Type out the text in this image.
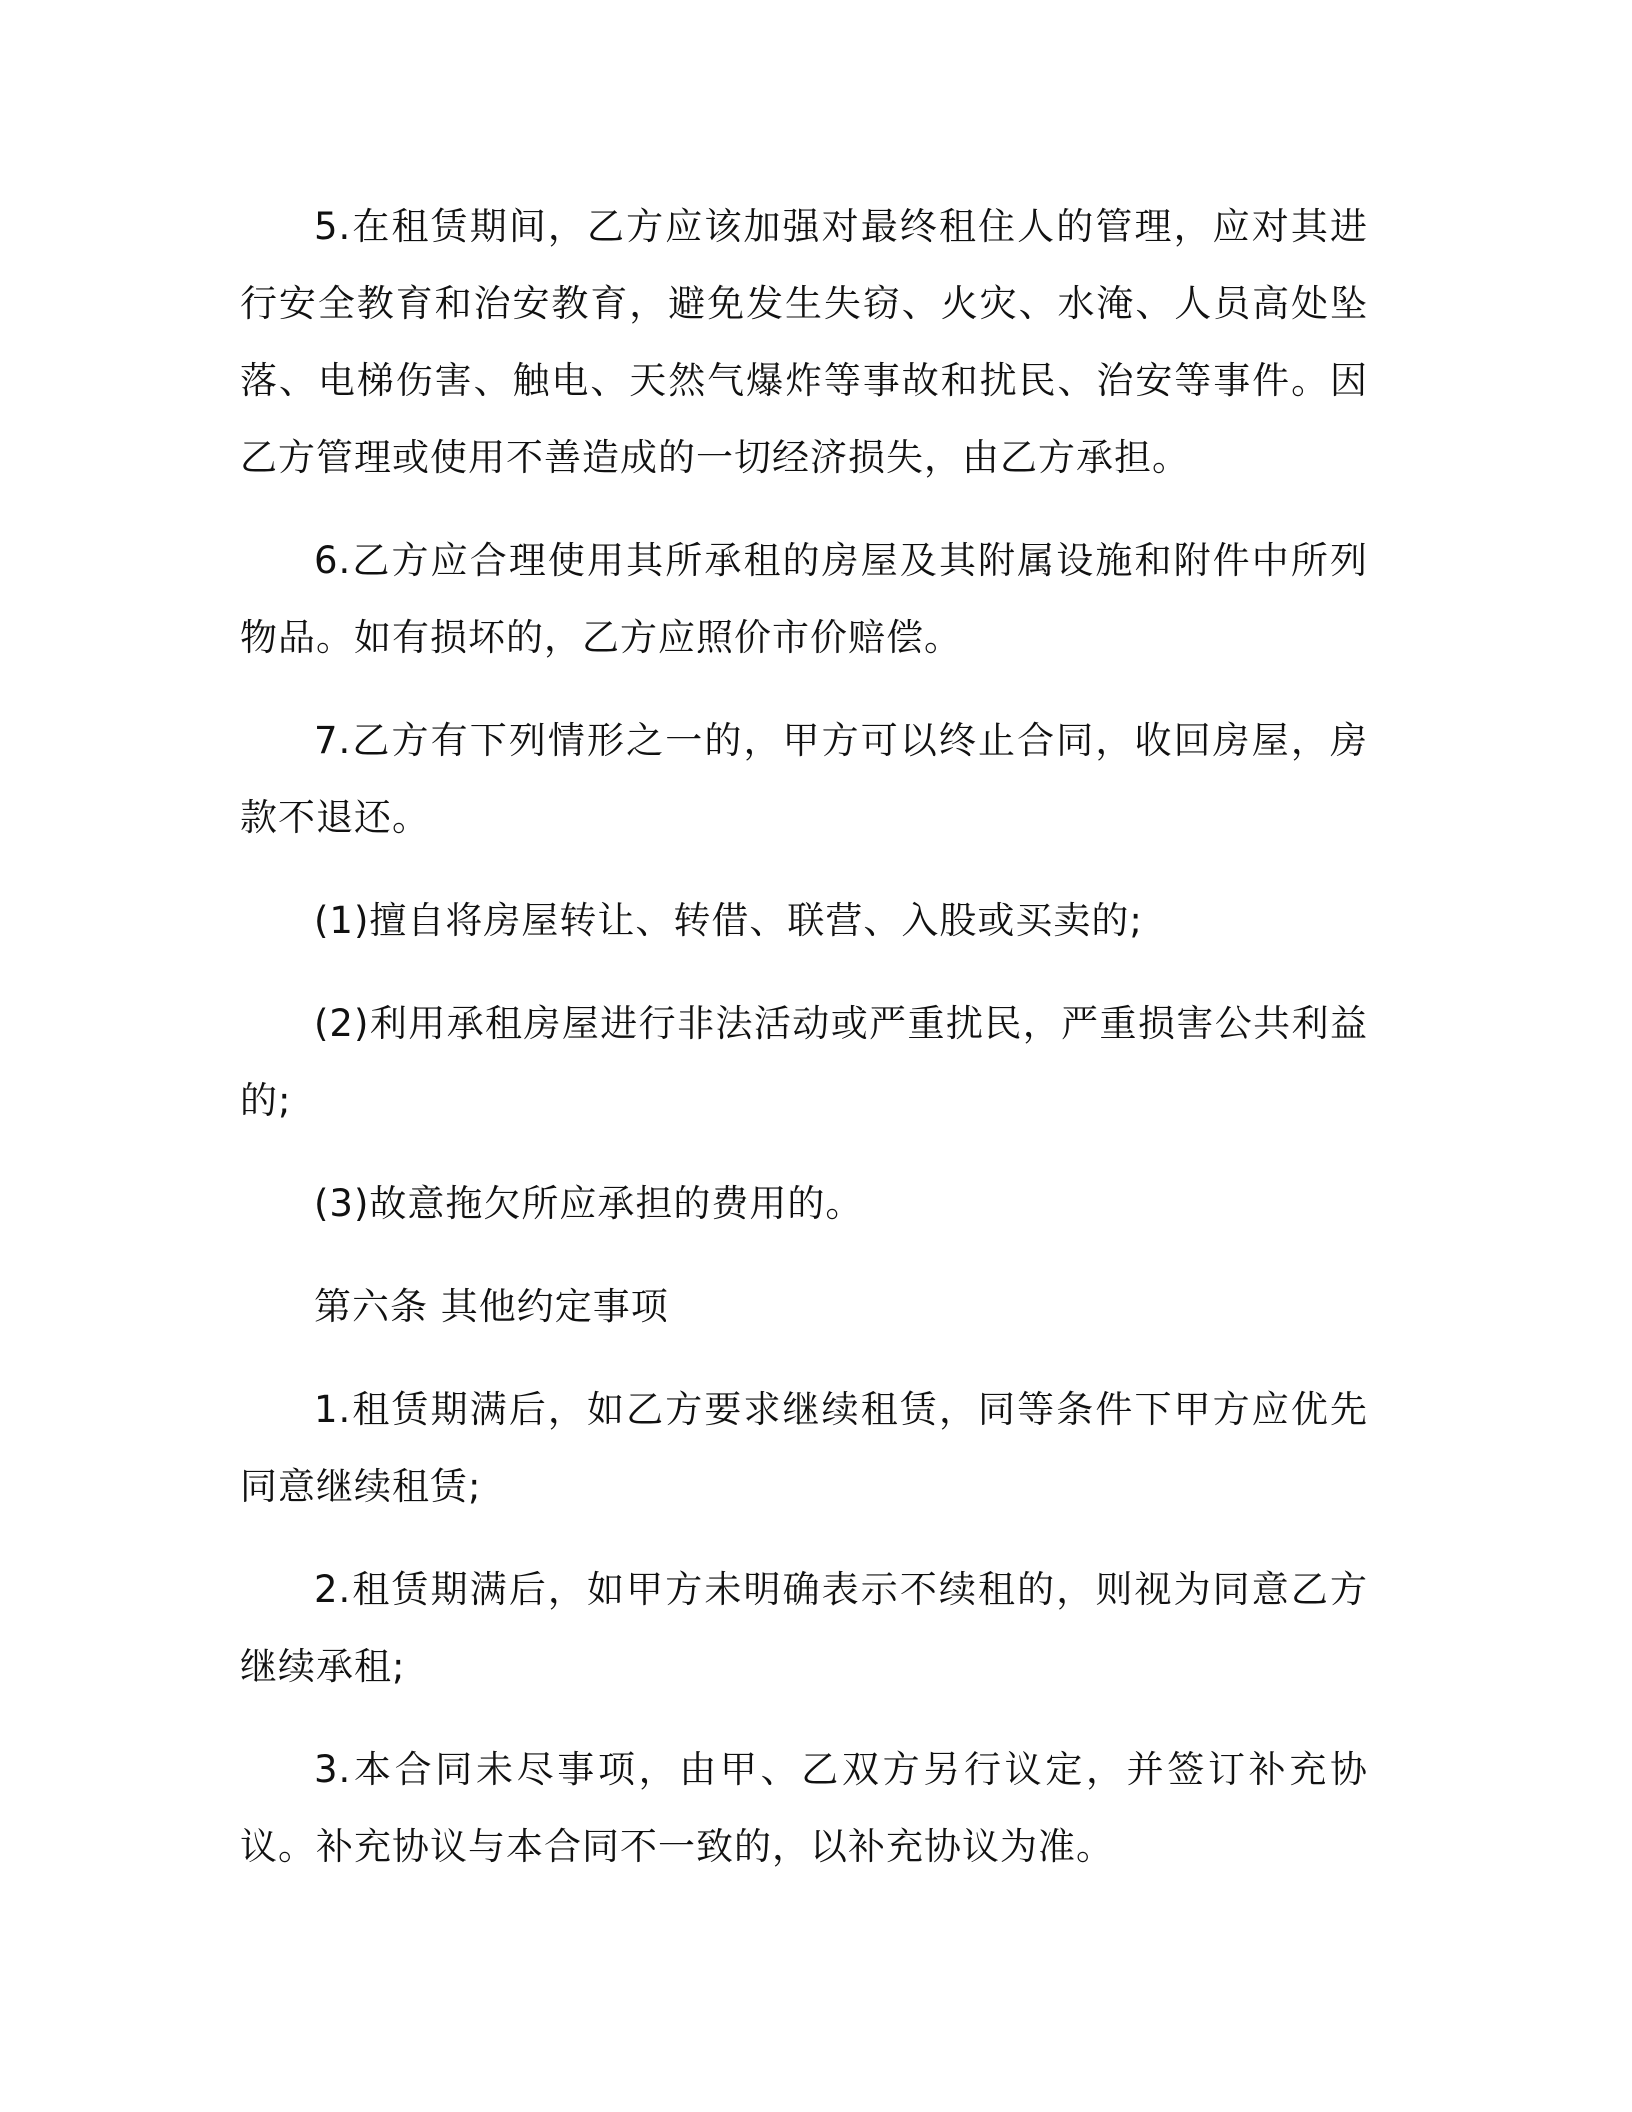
5.在租赁期间，乙方应该加强对最终租住人的管理，应对其进行安全教育和治安教育，避免发生失窃、火灾、水淹、人员高处坠落、电梯伤害、触电、天然气爆炸等事故和扰民、治安等事件。因乙方管理或使用不善造成的一切经济损失，由乙方承担。

6.乙方应合理使用其所承租的房屋及其附属设施和附件中所列物品。如有损坏的，乙方应照价市价赔偿。

7.乙方有下列情形之一的，甲方可以终止合同，收回房屋，房款不退还。

(1)擅自将房屋转让、转借、联营、入股或买卖的;

(2)利用承租房屋进行非法活动或严重扰民，严重损害公共利益的;

(3)故意拖欠所应承担的费用的。

第六条 其他约定事项

1.租赁期满后，如乙方要求继续租赁，同等条件下甲方应优先同意继续租赁;

2.租赁期满后，如甲方未明确表示不续租的，则视为同意乙方继续承租;

3.本合同未尽事项，由甲、乙双方另行议定，并签订补充协议。补充协议与本合同不一致的，以补充协议为准。
